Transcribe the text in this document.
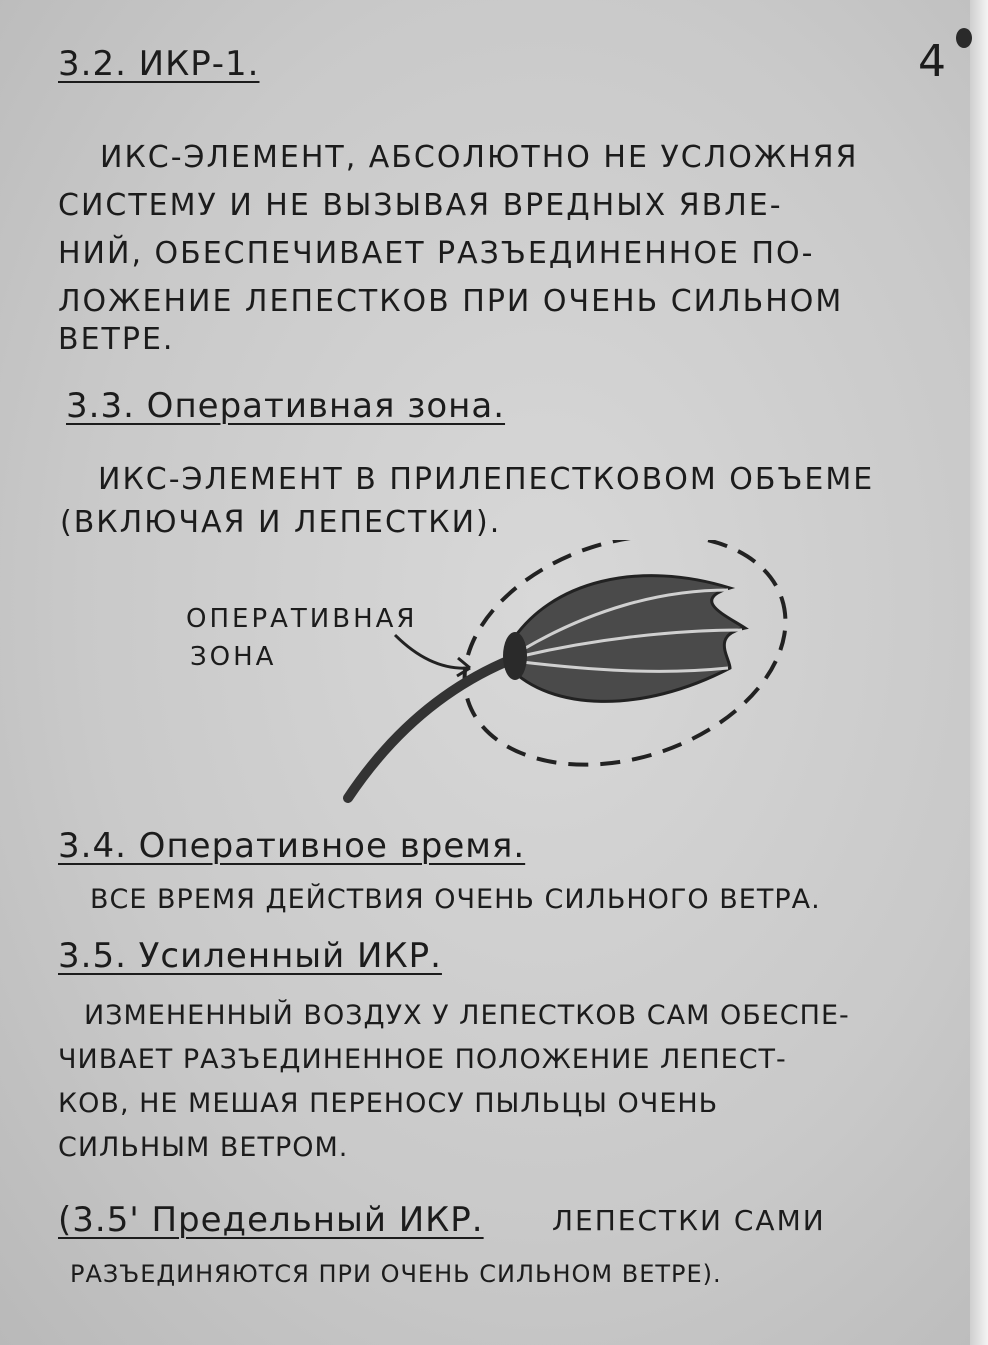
4
3.2. ИКР-1.
ИКС-ЭЛЕМЕНТ, АБСОЛЮТНО НЕ УСЛОЖНЯЯ
СИСТЕМУ И НЕ ВЫЗЫВАЯ ВРЕДНЫХ ЯВЛЕ-
НИЙ, ОБЕСПЕЧИВАЕТ РАЗЪЕДИНЕННОЕ ПО-
ЛОЖЕНИЕ ЛЕПЕСТКОВ ПРИ ОЧЕНЬ СИЛЬНОМ
ВЕТРЕ.
3.3. Оперативная зона.
ИКС-ЭЛЕМЕНТ В ПРИЛЕПЕСТКОВОМ ОБЪЕМЕ
(ВКЛЮЧАЯ И ЛЕПЕСТКИ).
ОПЕРАТИВНАЯ
ЗОНА
3.4. Оперативное время.
ВСЕ ВРЕМЯ ДЕЙСТВИЯ ОЧЕНЬ СИЛЬНОГО ВЕТРА.
3.5. Усиленный ИКР.
ИЗМЕНЕННЫЙ ВОЗДУХ У ЛЕПЕСТКОВ САМ ОБЕСПЕ-
ЧИВАЕТ РАЗЪЕДИНЕННОЕ ПОЛОЖЕНИЕ ЛЕПЕСТ-
КОВ, НЕ МЕШАЯ ПЕРЕНОСУ ПЫЛЬЦЫ ОЧЕНЬ
СИЛЬНЫМ ВЕТРОМ.
(3.5' Предельный ИКР. ЛЕПЕСТКИ САМИ
РАЗЪЕДИНЯЮТСЯ ПРИ ОЧЕНЬ СИЛЬНОМ ВЕТРЕ).
